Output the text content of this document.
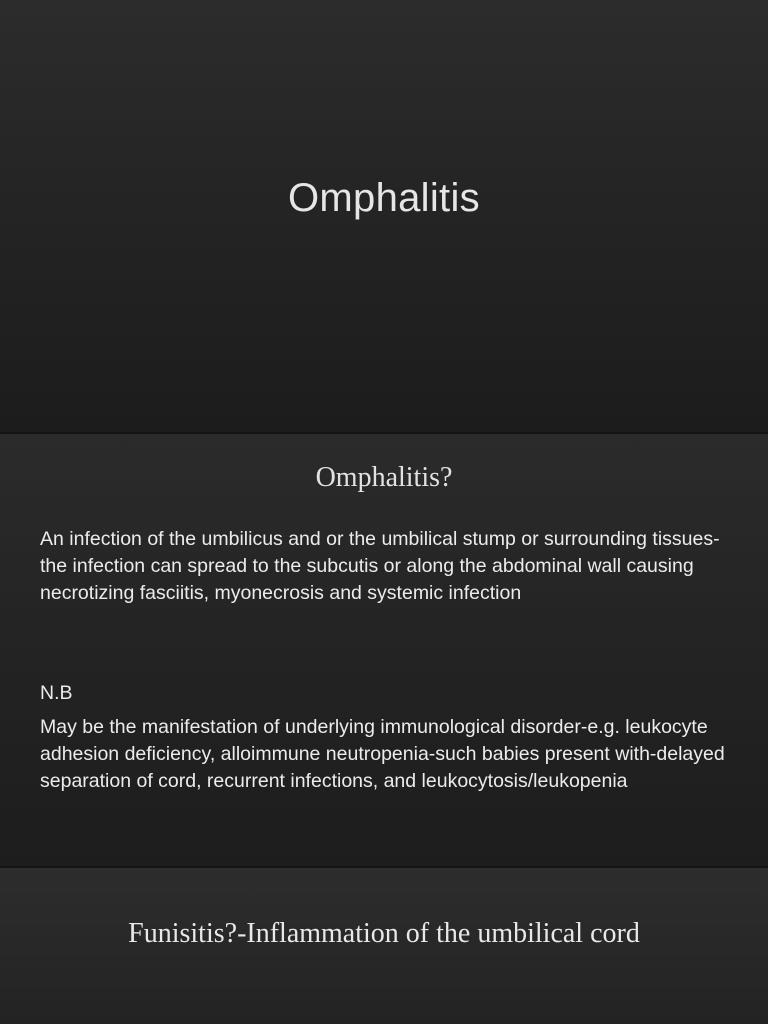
Omphalitis
Omphalitis?

An infection of the umbilicus and or the umbilical stump or surrounding tissues- the infection can spread to the subcutis or along the abdominal wall causing necrotizing fasciitis, myonecrosis and systemic infection

N.B

May be the manifestation of underlying immunological disorder-e.g. leukocyte adhesion deficiency, alloimmune neutropenia-such babies present with-delayed separation of cord, recurrent infections, and leukocytosis/leukopenia

Funisitis?-Inflammation of the umbilical cord
